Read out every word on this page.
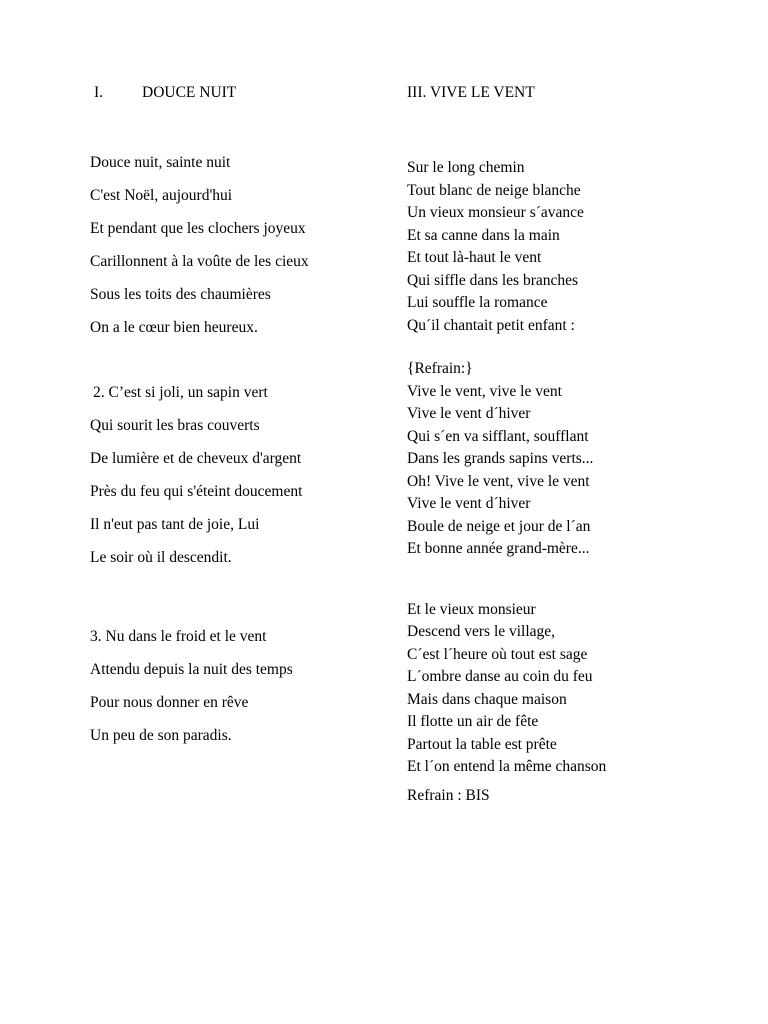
I.	DOUCE NUIT
Douce nuit, sainte nuit
C'est Noël, aujourd'hui
Et pendant que les clochers joyeux
Carillonnent à la voûte de les cieux
Sous les toits des chaumières
On a le cœur bien heureux.
2. C’est si joli, un sapin vert
Qui sourit les bras couverts
De lumière et de cheveux d'argent
Près du feu qui s'éteint doucement
Il n'eut pas tant de joie, Lui
Le soir où il descendit.
3. Nu dans le froid et le vent
Attendu depuis la nuit des temps
Pour nous donner en rêve
Un peu de son paradis.
III. VIVE LE VENT
Sur le long chemin
Tout blanc de neige blanche
Un vieux monsieur s´avance
Et sa canne dans la main
Et tout là-haut le vent
Qui siffle dans les branches
Lui souffle la romance
Qu´il chantait petit enfant :
{Refrain:}
Vive le vent, vive le vent
Vive le vent d´hiver
Qui s´en va sifflant, soufflant
Dans les grands sapins verts...
Oh! Vive le vent, vive le vent
Vive le vent d´hiver
Boule de neige et jour de l´an
Et bonne année grand-mère...
Et le vieux monsieur
Descend vers le village,
C´est l´heure où tout est sage
L´ombre danse au coin du feu
Mais dans chaque maison
Il flotte un air de fête
Partout la table est prête
Et l´on entend la même chanson
Refrain : BIS
